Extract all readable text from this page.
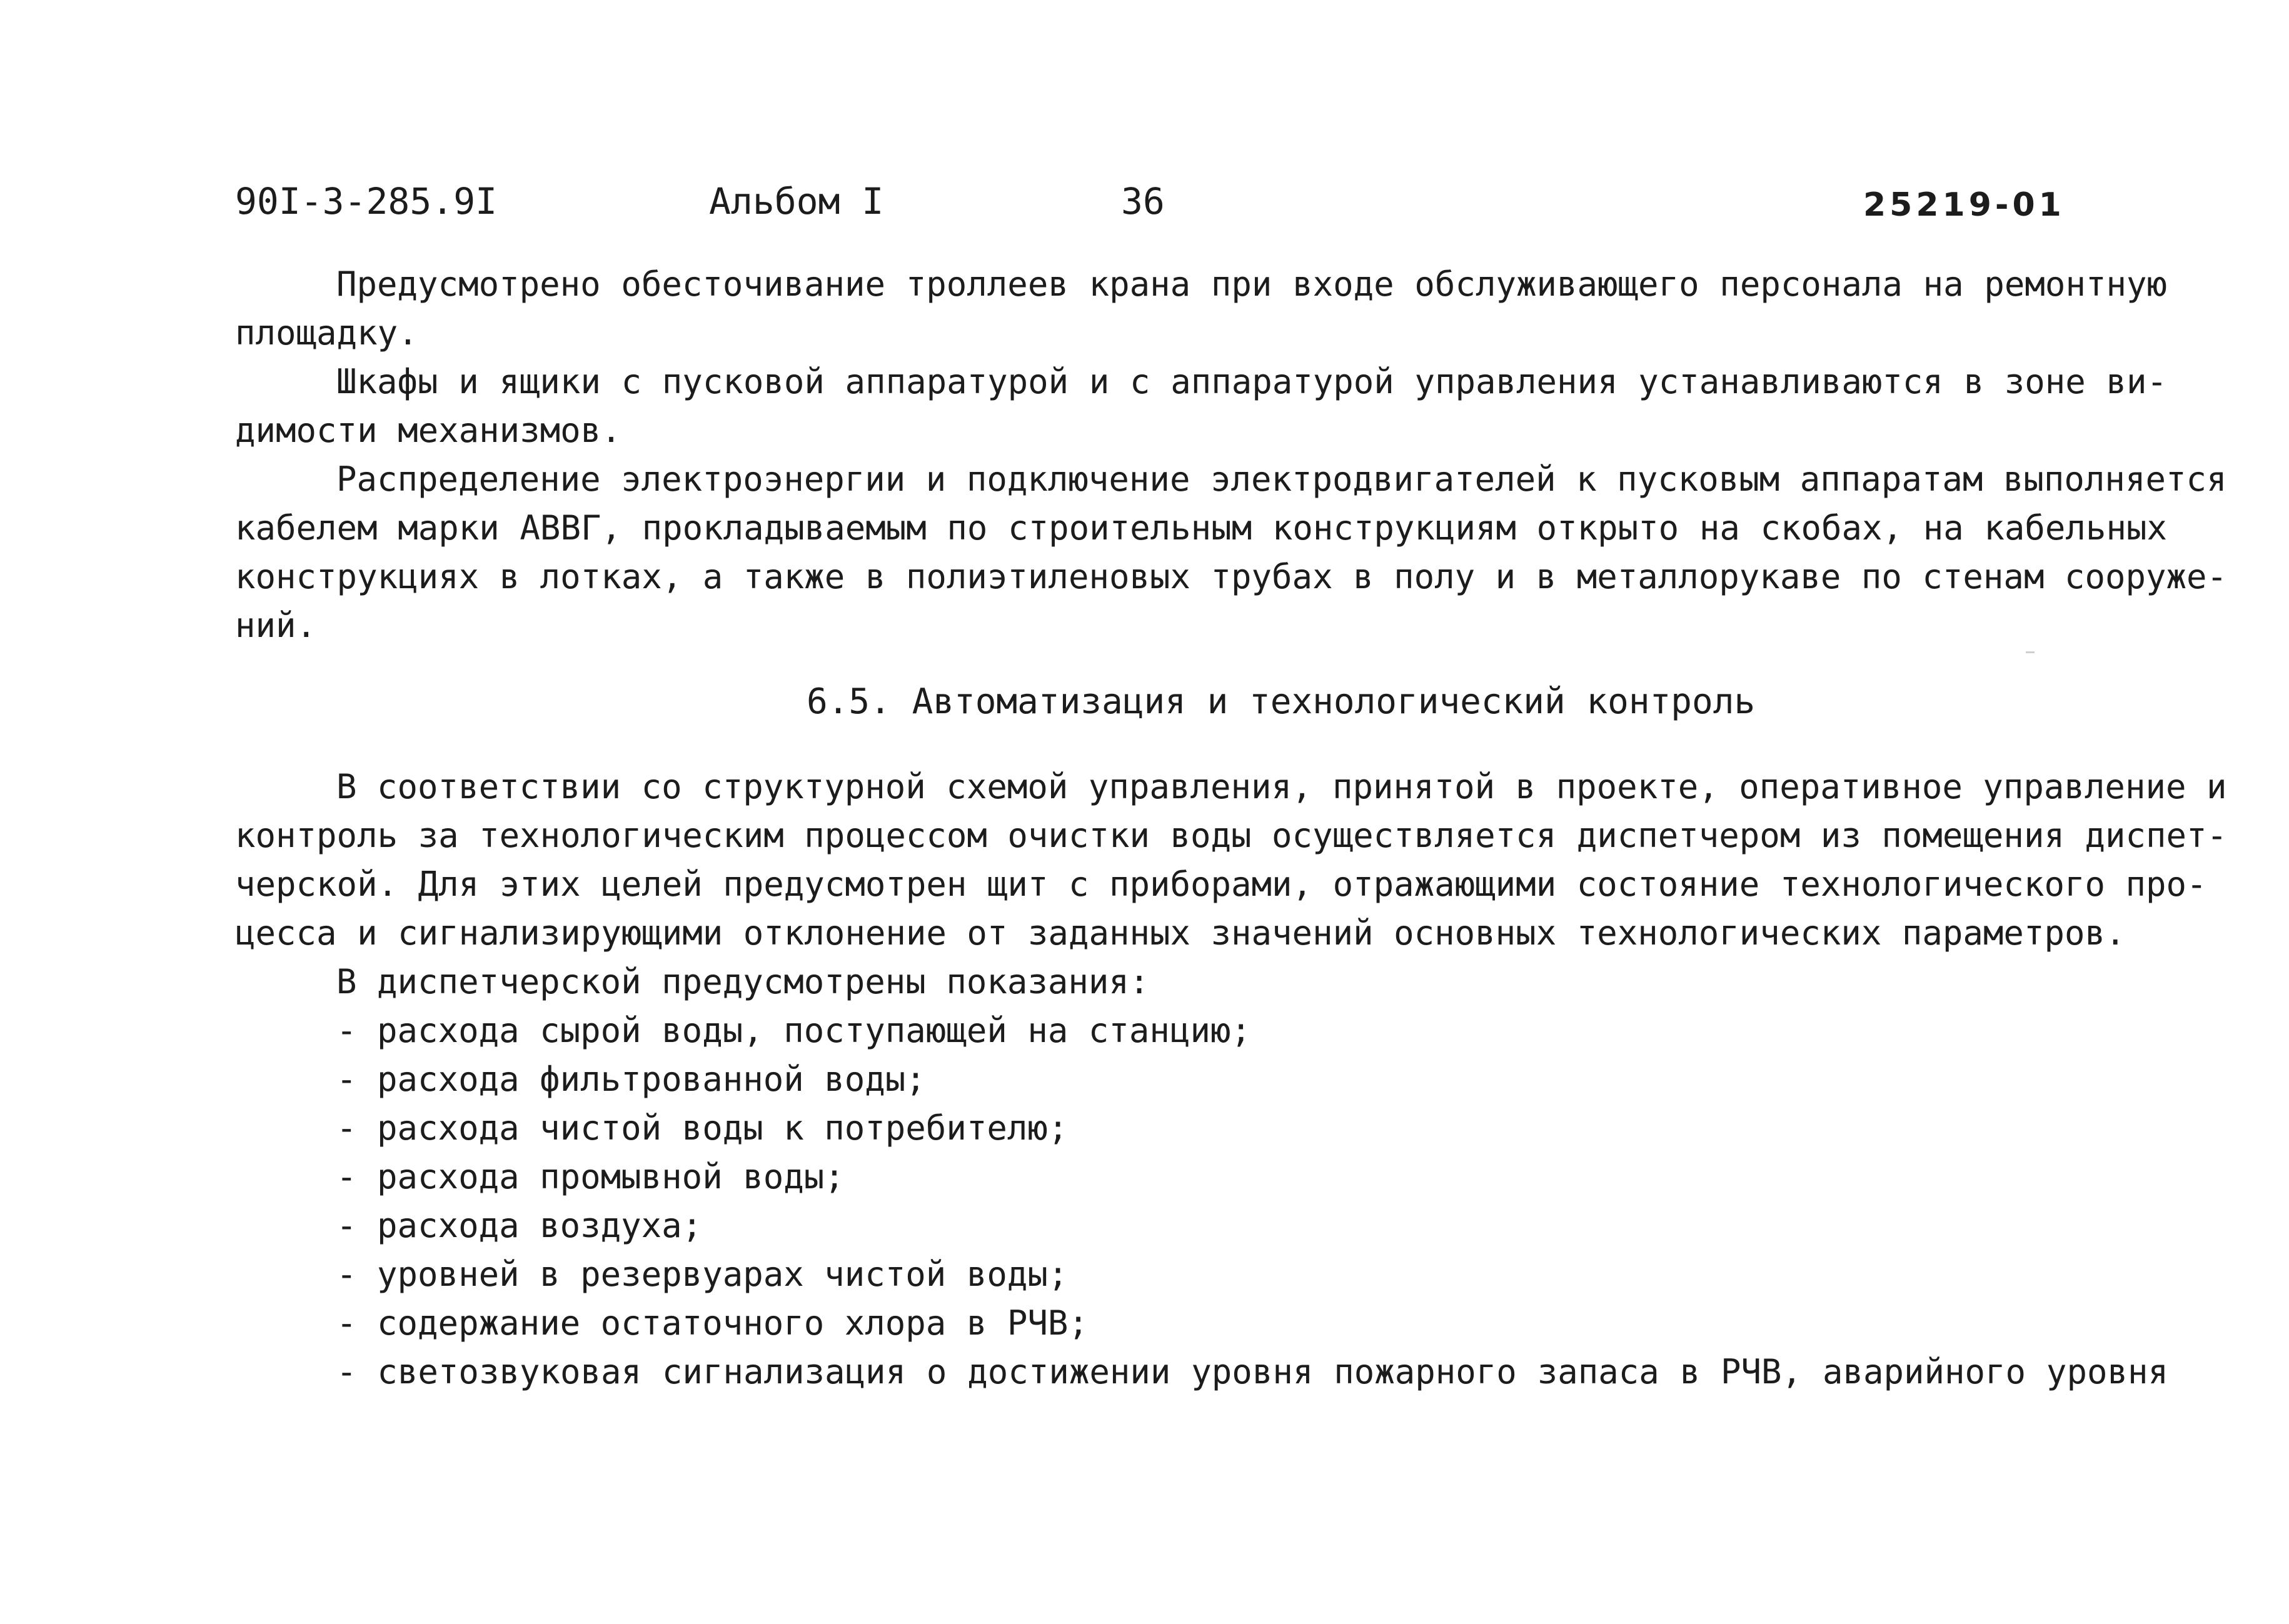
90I-3-285.9I	Альбом I	36	25219-01
Предусмотрено обесточивание троллеев крана при входе обслуживающего персонала на ремонтную
площадку.
Шкафы и ящики с пусковой аппаратурой и с аппаратурой управления устанавливаются в зоне ви-
димости механизмов.
Распределение электроэнергии и подключение электродвигателей к пусковым аппаратам выполняется
кабелем марки АВВГ, прокладываемым по строительным конструкциям открыто на скобах, на кабельных
конструкциях в лотках, а также в полиэтиленовых трубах в полу и в металлорукаве по стенам сооруже-
ний.
6.5. Автоматизация и технологический контроль
В соответствии со структурной схемой управления, принятой в проекте, оперативное управление и
контроль за технологическим процессом очистки воды осуществляется диспетчером из помещения диспет-
черской. Для этих целей предусмотрен щит с приборами, отражающими состояние технологического про-
цесса и сигнализирующими отклонение от заданных значений основных технологических параметров.
В диспетчерской предусмотрены показания:
- расхода сырой воды, поступающей на станцию;
- расхода фильтрованной воды;
- расхода чистой воды к потребителю;
- расхода промывной воды;
- расхода воздуха;
- уровней в резервуарах чистой воды;
- содержание остаточного хлора в РЧВ;
- светозвуковая сигнализация о достижении уровня пожарного запаса в РЧВ, аварийного уровня
